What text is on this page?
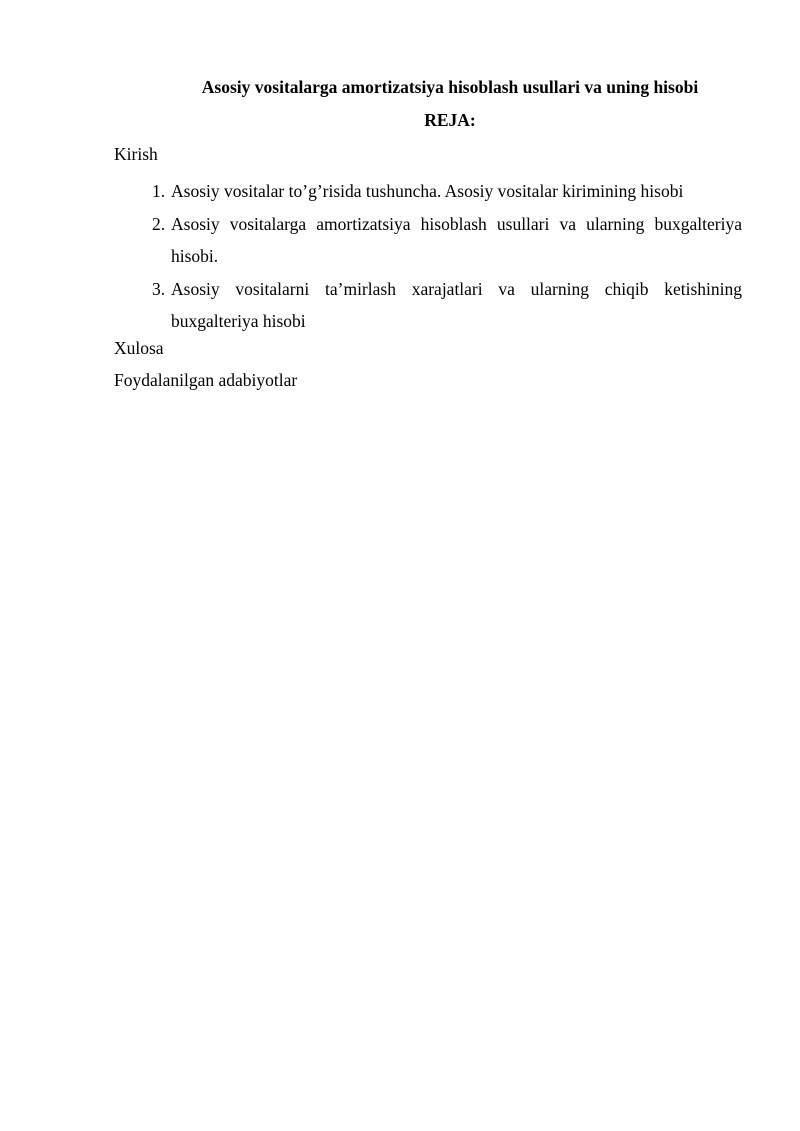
Asosiy vositalarga amortizatsiya hisoblash usullari va uning hisobi
REJA:
Kirish
1. Asosiy vositalar to’g’risida tushuncha. Asosiy vositalar kirimining hisobi
2. Asosiy vositalarga amortizatsiya hisoblash usullari va ularning buxgalteriya hisobi.
3. Asosiy vositalarni ta’mirlash xarajatlari va ularning chiqib ketishining buxgalteriya hisobi
Xulosa
Foydalanilgan adabiyotlar
